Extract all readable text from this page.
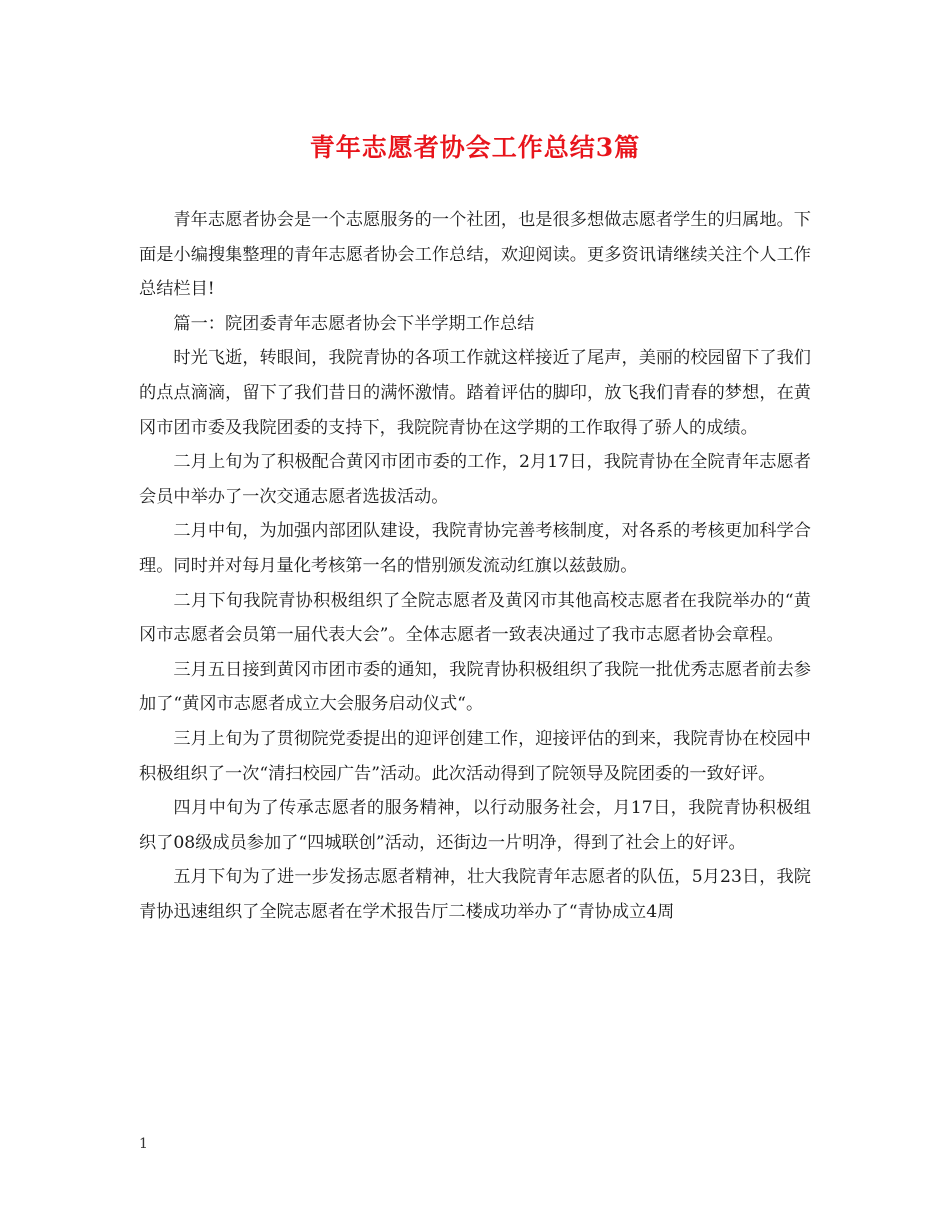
青年志愿者协会工作总结3篇

青年志愿者协会是一个志愿服务的一个社团，也是很多想做志愿者学生的归属地。下面是小编搜集整理的青年志愿者协会工作总结，欢迎阅读。更多资讯请继续关注个人工作总结栏目!

篇一：院团委青年志愿者协会下半学期工作总结

时光飞逝，转眼间，我院青协的各项工作就这样接近了尾声，美丽的校园留下了我们的点点滴滴，留下了我们昔日的满怀激情。踏着评估的脚印，放飞我们青春的梦想，在黄冈市团市委及我院团委的支持下，我院院青协在这学期的工作取得了骄人的成绩。

二月上旬为了积极配合黄冈市团市委的工作，2月17日，我院青协在全院青年志愿者会员中举办了一次交通志愿者选拔活动。

二月中旬，为加强内部团队建设，我院青协完善考核制度，对各系的考核更加科学合理。同时并对每月量化考核第一名的惜别颁发流动红旗以兹鼓励。

二月下旬我院青协积极组织了全院志愿者及黄冈市其他高校志愿者在我院举办的“黄冈市志愿者会员第一届代表大会”。全体志愿者一致表决通过了我市志愿者协会章程。

三月五日接到黄冈市团市委的通知，我院青协积极组织了我院一批优秀志愿者前去参加了“黄冈市志愿者成立大会服务启动仪式“。

三月上旬为了贯彻院党委提出的迎评创建工作，迎接评估的到来，我院青协在校园中积极组织了一次“清扫校园广告”活动。此次活动得到了院领导及院团委的一致好评。

四月中旬为了传承志愿者的服务精神，以行动服务社会，月17日，我院青协积极组织了08级成员参加了“四城联创”活动，还街边一片明净，得到了社会上的好评。

五月下旬为了进一步发扬志愿者精神，壮大我院青年志愿者的队伍，5月23日，我院青协迅速组织了全院志愿者在学术报告厅二楼成功举办了“青协成立4周

1
